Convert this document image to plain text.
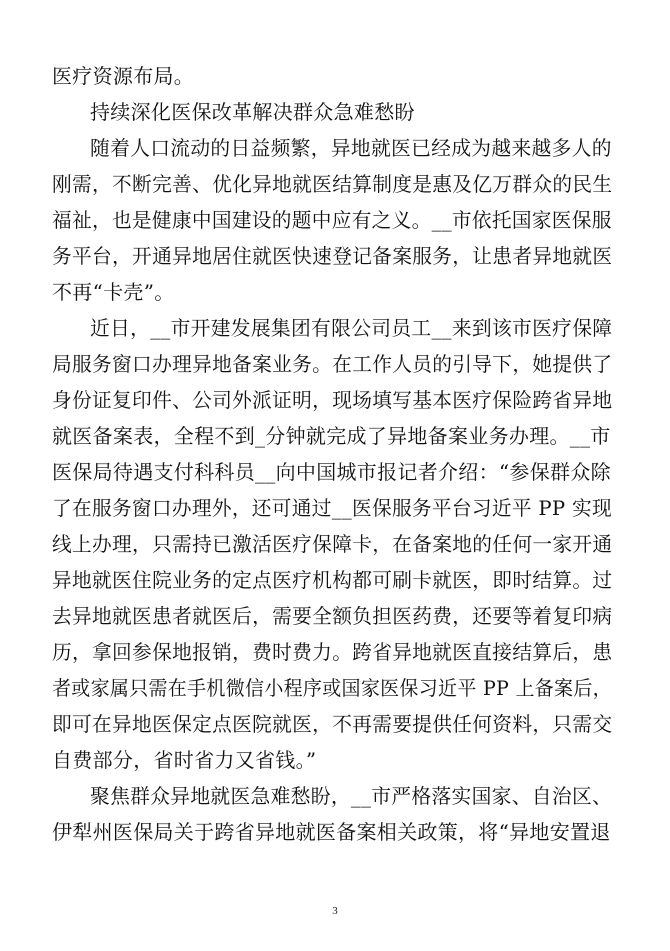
医疗资源布局。
持续深化医保改革解决群众急难愁盼
随着人口流动的日益频繁，异地就医已经成为越来越多人的
刚需，不断完善、优化异地就医结算制度是惠及亿万群众的民生
福祉，也是健康中国建设的题中应有之义。__市依托国家医保服
务平台，开通异地居住就医快速登记备案服务，让患者异地就医
不再“卡壳”。
近日，__市开建发展集团有限公司员工__来到该市医疗保障
局服务窗口办理异地备案业务。在工作人员的引导下，她提供了
身份证复印件、公司外派证明，现场填写基本医疗保险跨省异地
就医备案表，全程不到_分钟就完成了异地备案业务办理。__市
医保局待遇支付科科员__向中国城市报记者介绍：“参保群众除
了在服务窗口办理外，还可通过__医保服务平台习近平 PP 实现
线上办理，只需持已激活医疗保障卡，在备案地的任何一家开通
异地就医住院业务的定点医疗机构都可刷卡就医，即时结算。过
去异地就医患者就医后，需要全额负担医药费，还要等着复印病
历，拿回参保地报销，费时费力。跨省异地就医直接结算后，患
者或家属只需在手机微信小程序或国家医保习近平 PP 上备案后，
即可在异地医保定点医院就医，不再需要提供任何资料，只需交
自费部分，省时省力又省钱。”
聚焦群众异地就医急难愁盼，__市严格落实国家、自治区、
伊犁州医保局关于跨省异地就医备案相关政策，将“异地安置退
3
